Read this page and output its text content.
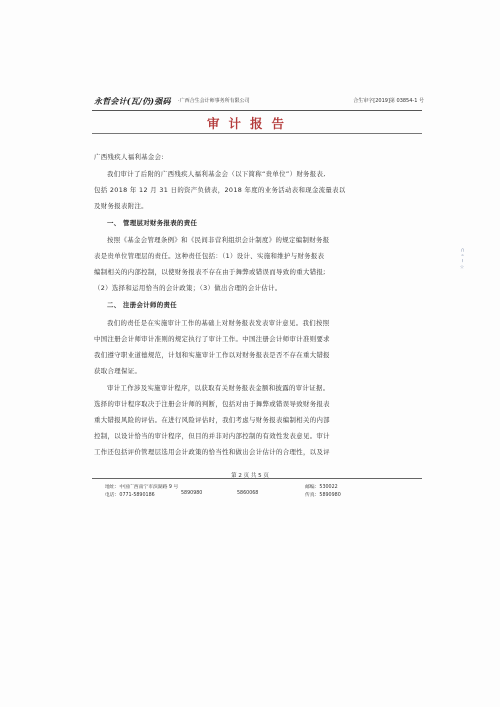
永哲会计(瓦/仍)强码 ·广西合生会计师事务所有限公司	合生审字[2019]第 03854-1 号
审计报告
广西残疾人福利基金会:
我们审计了后附的广西残疾人福利基金会（以下简称“贵单位”）财务报表,
包括 2018 年 12 月 31 日的资产负债表，2018 年度的业务活动表和现金流量表以
及财务报表附注。
一、 管理层对财务报表的责任
按照《基金会管理条例》和《民间非营利组织会计制度》的规定编制财务报
表是贵单位管理层的责任。这种责任包括：（1）设计、实施和维护与财务报表
编制相关的内部控制，以使财务报表不存在由于舞弊或错误而导致的重大错报;
（2）选择和运用恰当的会计政策；（3）做出合理的会计估计。
二、 注册会计师的责任
我们的责任是在实施审计工作的基础上对财务报表发表审计意见。我们按照
中国注册会计师审计准则的规定执行了审计工作。中国注册会计师审计准则要求
我们遵守职业道德规范，计划和实施审计工作以对财务报表是否不存在重大错报
获取合理保证。
审计工作涉及实施审计程序，以获取有关财务报表金额和披露的审计证据。
选择的审计程序取决于注册会计师的判断，包括对由于舞弊或错误导致财务报表
重大错报风险的评估。在进行风险评估时，我们考虑与财务报表编制相关的内部
控制，以设计恰当的审计程序，但目的并非对内部控制的有效性发表意见。审计
工作还包括评价管理层选用会计政策的恰当性和做出会计估计的合理性，以及评
⊂ ∘ ∼ ☆
第 2 页 共 5 页
地址：中国广西南宁市滨湖路 9 号	邮编：530022
电话：0771-5890186	5890980	5860068	传真：5890980
